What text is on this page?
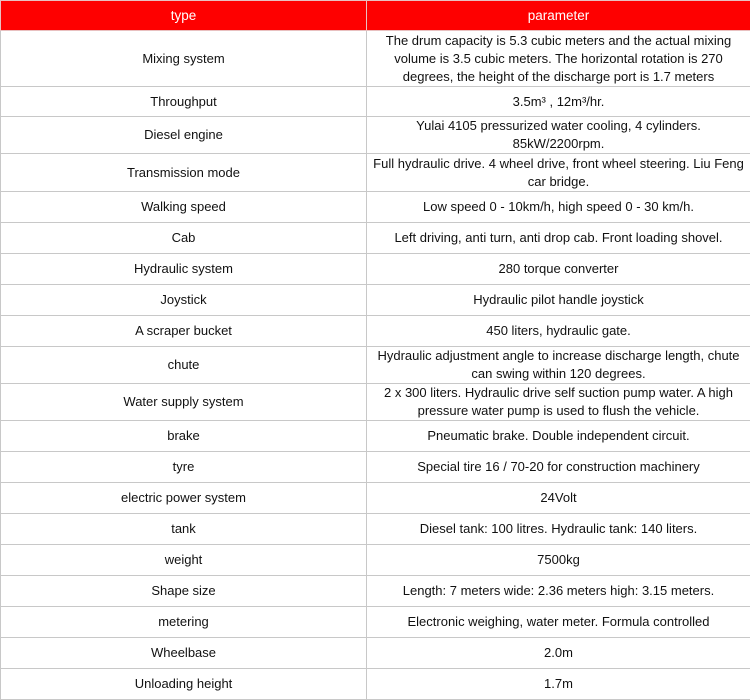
type	parameter
Mixing system	The drum capacity is 5.3 cubic meters and the actual mixing volume is 3.5 cubic meters. The horizontal rotation is 270 degrees, the height of the discharge port is 1.7 meters
Throughput	3.5m³ , 12m³/hr.
Diesel engine	Yulai 4105 pressurized water cooling, 4 cylinders. 85kW/2200rpm.
Transmission mode	Full hydraulic drive. 4 wheel drive, front wheel steering. Liu Feng car bridge.
Walking speed	Low speed 0 - 10km/h, high speed 0 - 30 km/h.
Cab	Left driving, anti turn, anti drop cab. Front loading shovel.
Hydraulic system	280 torque converter
Joystick	Hydraulic pilot handle joystick
A scraper bucket	450 liters, hydraulic gate.
chute	Hydraulic adjustment angle to increase discharge length, chute can swing within 120 degrees.
Water supply system	2 x 300 liters. Hydraulic drive self suction pump water. A high pressure water pump is used to flush the vehicle.
brake	Pneumatic brake. Double independent circuit.
tyre	Special tire 16 / 70-20 for construction machinery
electric power system	24Volt
tank	Diesel tank: 100 litres. Hydraulic tank: 140 liters.
weight	7500kg
Shape size	Length: 7 meters wide: 2.36 meters high: 3.15 meters.
metering	Electronic weighing, water meter. Formula controlled
Wheelbase	2.0m
Unloading height	1.7m
